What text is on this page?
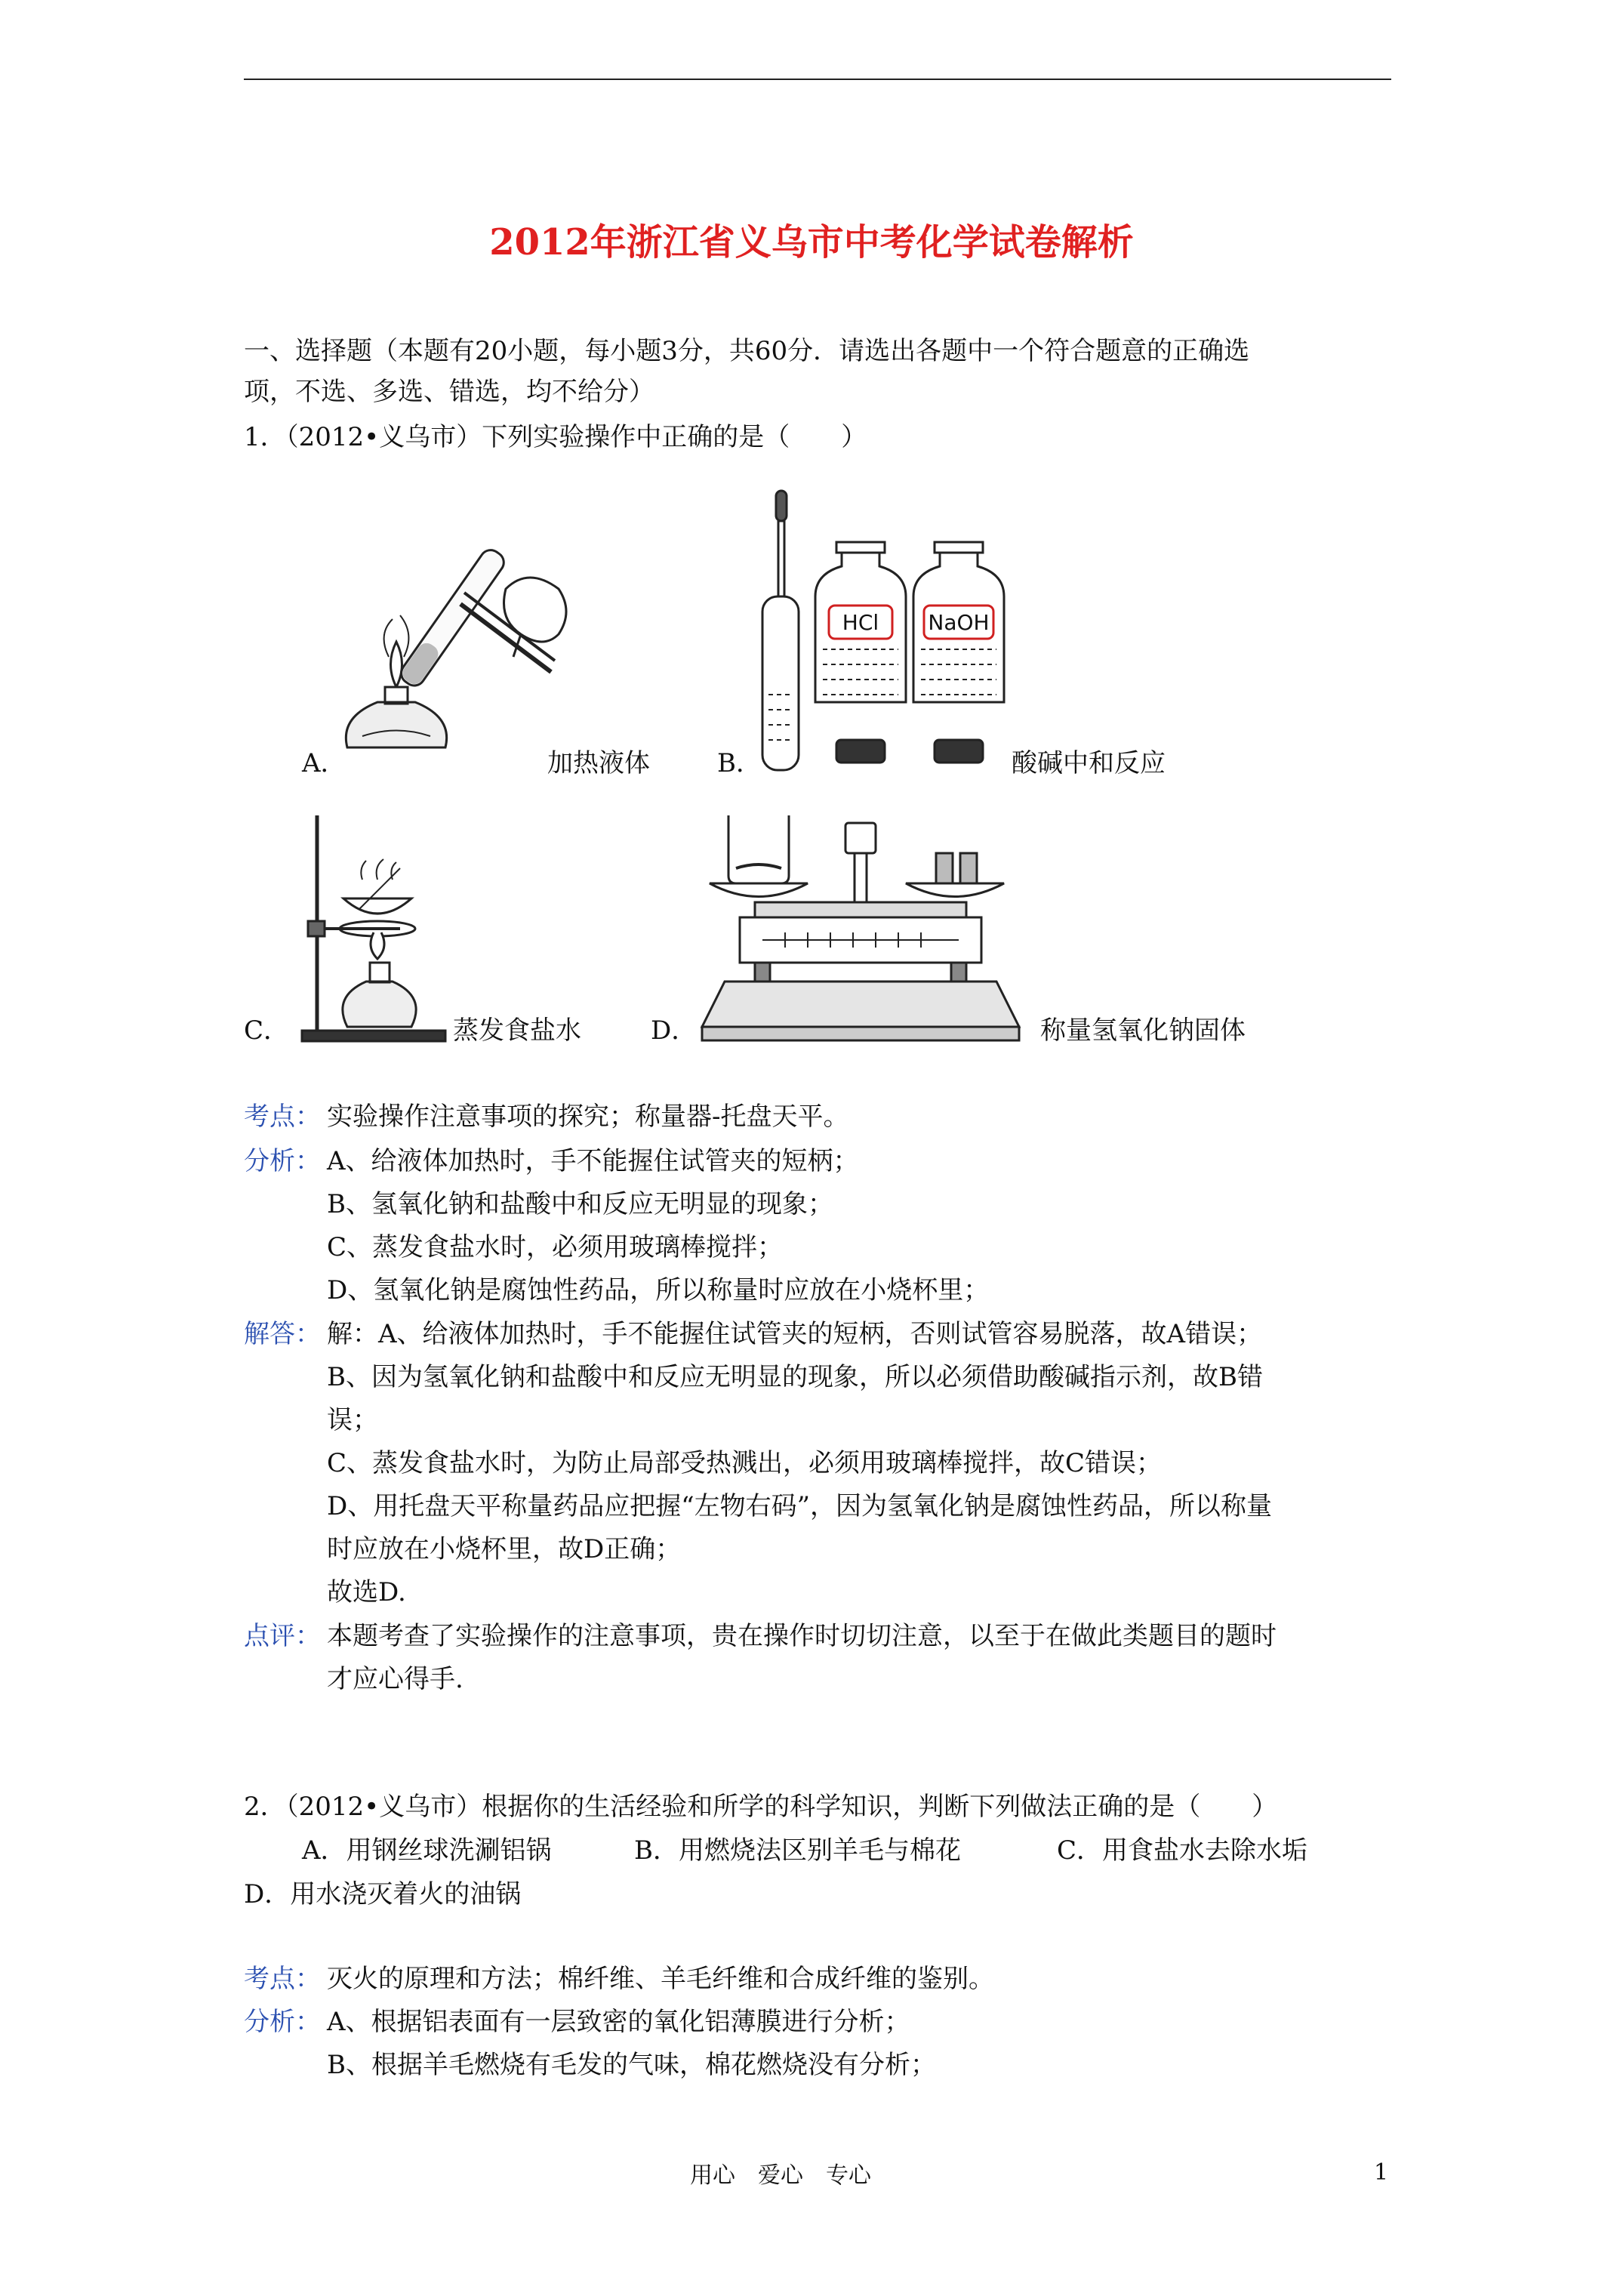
2012年浙江省义乌市中考化学试卷解析
一、选择题（本题有20小题，每小题3分，共60分．请选出各题中一个符合题意的正确选
项，不选、多选、错选，均不给分）
1．（2012•义乌市）下列实验操作中正确的是（　　）
A．	加热液体
HCl NaOH
B．	酸碱中和反应
C．	蒸发食盐水	D．	称量氢氧化钠固体
考点： 实验操作注意事项的探究；称量器-托盘天平。
分析： A、给液体加热时，手不能握住试管夹的短柄；
B、氢氧化钠和盐酸中和反应无明显的现象；
C、蒸发食盐水时，必须用玻璃棒搅拌；
D、氢氧化钠是腐蚀性药品，所以称量时应放在小烧杯里；
解答： 解：A、给液体加热时，手不能握住试管夹的短柄，否则试管容易脱落，故A错误；
B、因为氢氧化钠和盐酸中和反应无明显的现象，所以必须借助酸碱指示剂，故B错
误；
C、蒸发食盐水时，为防止局部受热溅出，必须用玻璃棒搅拌，故C错误；
D、用托盘天平称量药品应把握“左物右码”，因为氢氧化钠是腐蚀性药品，所以称量
时应放在小烧杯里，故D正确；
故选D.
点评： 本题考查了实验操作的注意事项，贵在操作时切切注意，以至于在做此类题目的题时
才应心得手.
2．（2012•义乌市）根据你的生活经验和所学的科学知识，判断下列做法正确的是（　　）
A．用钢丝球洗涮铝锅	B．用燃烧法区别羊毛与棉花	C．用食盐水去除水垢
D．用水浇灭着火的油锅
考点： 灭火的原理和方法；棉纤维、羊毛纤维和合成纤维的鉴别。
分析： A、根据铝表面有一层致密的氧化铝薄膜进行分析；
B、根据羊毛燃烧有毛发的气味，棉花燃烧没有分析；
用心　爱心　专心	1
